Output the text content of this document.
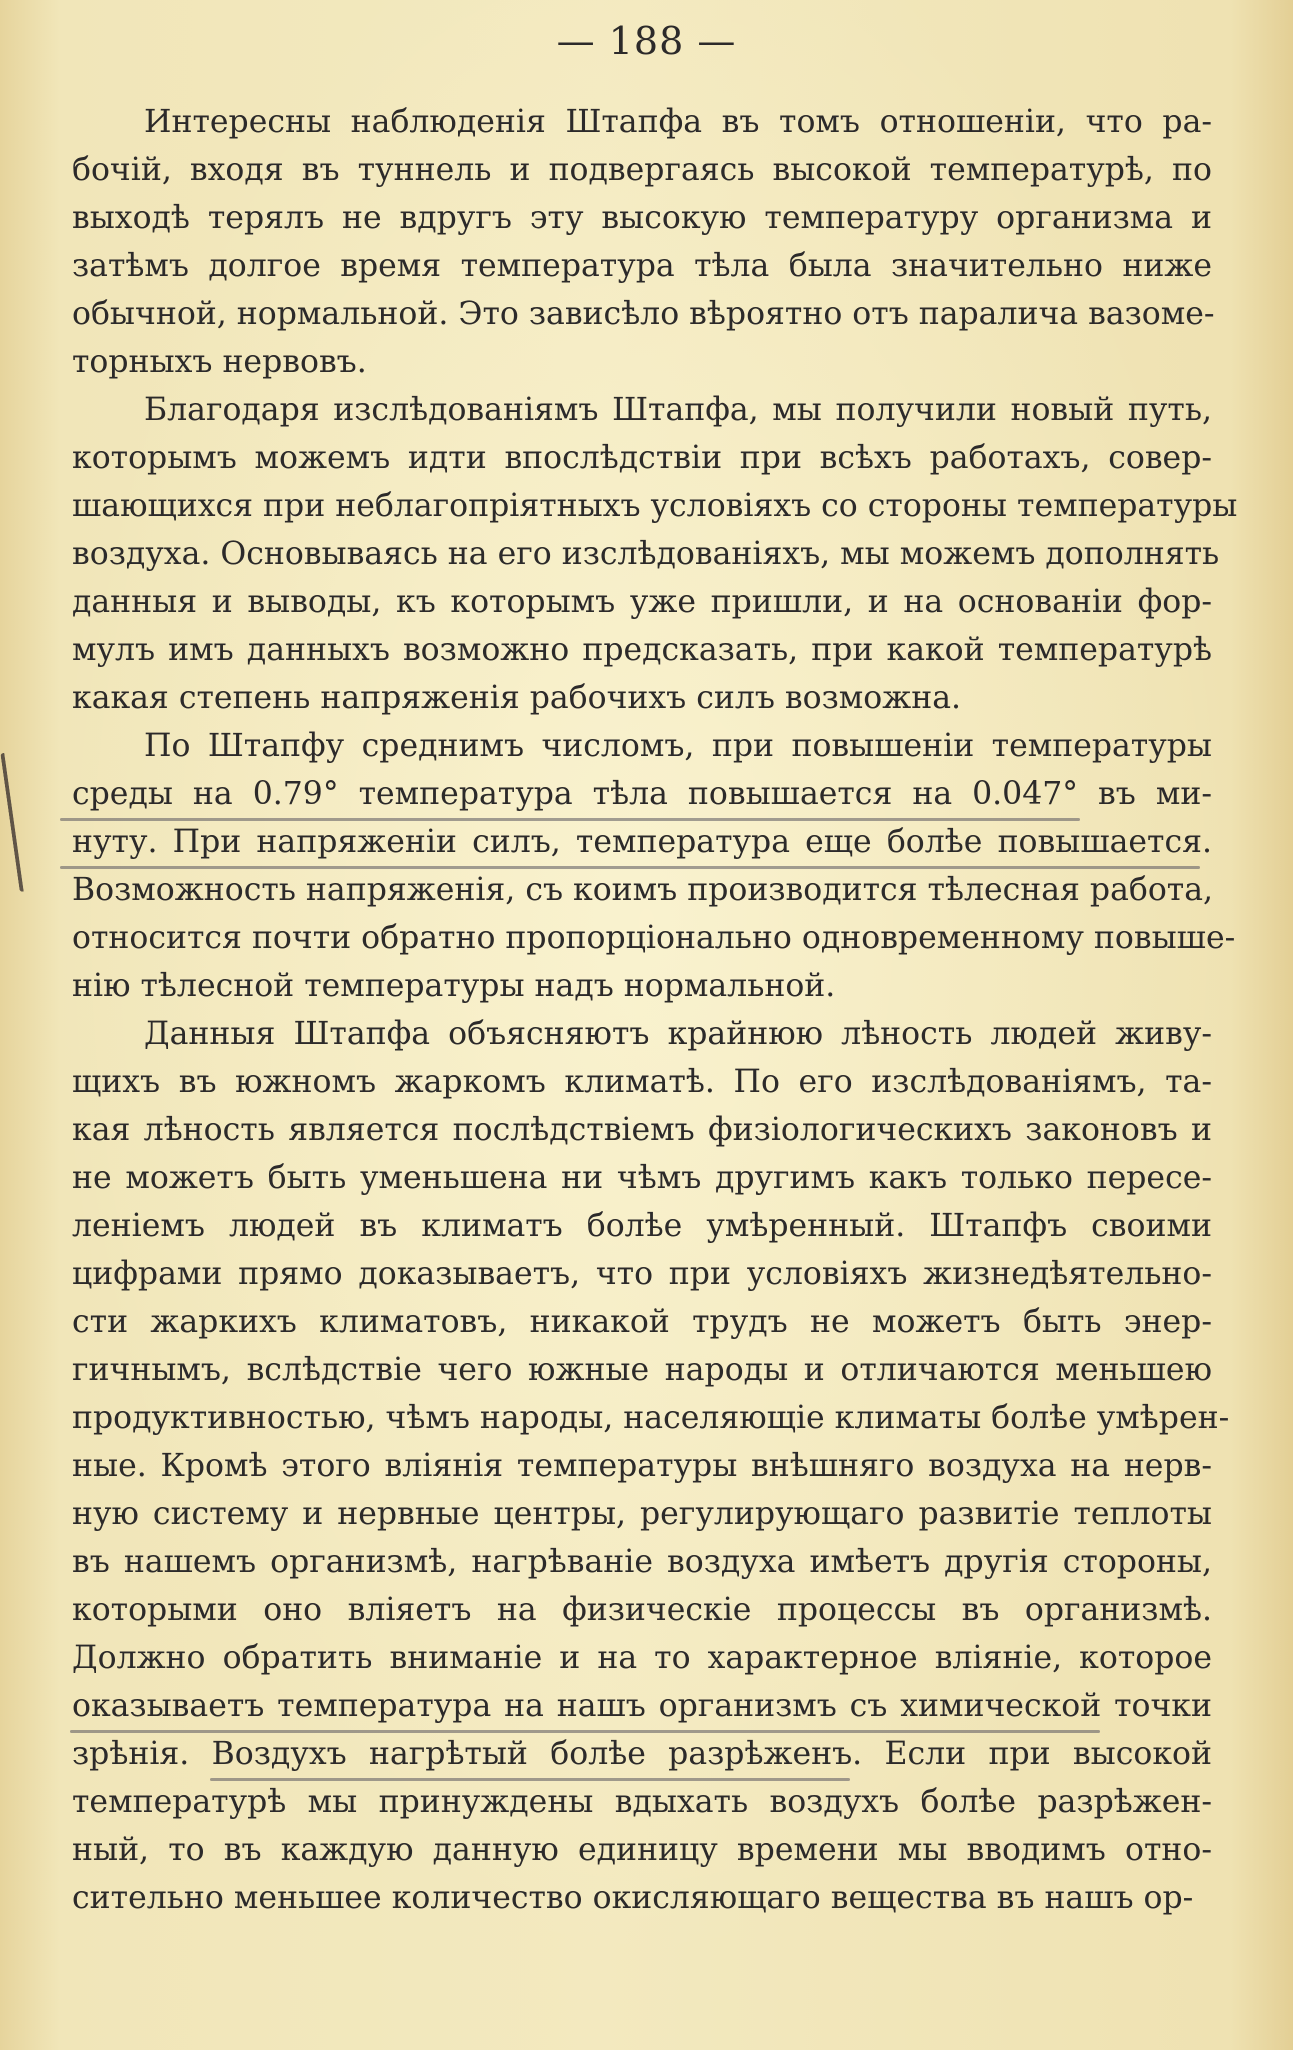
— 188 —
Интересны наблюденія Штапфа въ томъ отношеніи, что ра-
бочій, входя въ туннель и подвергаясь высокой температурѣ, по
выходѣ терялъ не вдругъ эту высокую температуру организма и
затѣмъ долгое время температура тѣла была значительно ниже
обычной, нормальной. Это зависѣло вѣроятно отъ паралича вазоме-
торныхъ нервовъ.
Благодаря изслѣдованіямъ Штапфа, мы получили новый путь,
которымъ можемъ идти впослѣдствіи при всѣхъ работахъ, совер-
шающихся при неблагопріятныхъ условіяхъ со стороны температуры
воздуха. Основываясь на его изслѣдованіяхъ, мы можемъ дополнять
данныя и выводы, къ которымъ уже пришли, и на основаніи фор-
мулъ имъ данныхъ возможно предсказать, при какой температурѣ
какая степень напряженія рабочихъ силъ возможна.
По Штапфу среднимъ числомъ, при повышеніи температуры
среды на 0.79° температура тѣла повышается на 0.047° въ ми-
нуту. При напряженіи силъ, температура еще болѣе повышается.
Возможность напряженія, съ коимъ производится тѣлесная работа,
относится почти обратно пропорціонально одновременному повыше-
нію тѣлесной температуры надъ нормальной.
Данныя Штапфа объясняютъ крайнюю лѣность людей живу-
щихъ въ южномъ жаркомъ климатѣ. По его изслѣдованіямъ, та-
кая лѣность является послѣдствіемъ физіологическихъ законовъ и
не можетъ быть уменьшена ни чѣмъ другимъ какъ только пересе-
леніемъ людей въ климатъ болѣе умѣренный. Штапфъ своими
цифрами прямо доказываетъ, что при условіяхъ жизнедѣятельно-
сти жаркихъ климатовъ, никакой трудъ не можетъ быть энер-
гичнымъ, вслѣдствіе чего южные народы и отличаются меньшею
продуктивностью, чѣмъ народы, населяющіе климаты болѣе умѣрен-
ные. Кромѣ этого вліянія температуры внѣшняго воздуха на нерв-
ную систему и нервные центры, регулирующаго развитіе теплоты
въ нашемъ организмѣ, нагрѣваніе воздуха имѣетъ другія стороны,
которыми оно вліяетъ на физическіе процессы въ организмѣ.
Должно обратить вниманіе и на то характерное вліяніе, которое
оказываетъ температура на нашъ организмъ съ химической точки
зрѣнія. Воздухъ нагрѣтый болѣе разрѣженъ. Если при высокой
температурѣ мы принуждены вдыхать воздухъ болѣе разрѣжен-
ный, то въ каждую данную единицу времени мы вводимъ отно-
сительно меньшее количество окисляющаго вещества въ нашъ ор-
